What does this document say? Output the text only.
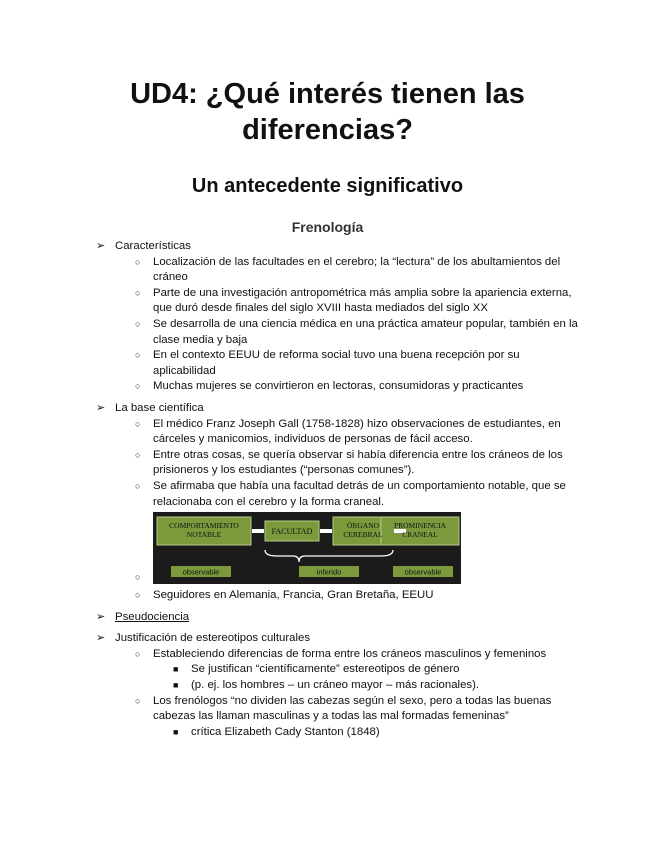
UD4: ¿Qué interés tienen las diferencias?
Un antecedente significativo
Frenología
➢ Características
○ Localización de las facultades en el cerebro; la “lectura” de los abultamientos del cráneo
○ Parte de una investigación antropométrica más amplia sobre la apariencia externa, que duró desde finales del siglo XVIII hasta mediados del siglo XX
○ Se desarrolla de una ciencia médica en una práctica amateur popular, también en la clase media y baja
○ En el contexto EEUU de reforma social tuvo una buena recepción por su aplicabilidad
○ Muchas mujeres se convirtieron en lectoras, consumidoras y practicantes
➢ La base científica
○ El médico Franz Joseph Gall (1758-1828) hizo observaciones de estudiantes, en cárceles y manicomios, individuos de personas de fácil acceso.
○ Entre otras cosas, se quería observar si había diferencia entre los cráneos de los prisioneros y los estudiantes (“personas comunes”).
○ Se afirmaba que había una facultad detrás de un comportamiento notable, que se relacionaba con el cerebro y la forma craneal.
○
COMPORTAMIENTO NOTABLE	FACULTAD
ÓRGANO CEREBRAL
PROMINENCIA CRANEAL
observable	inferido	observable
○ Seguidores en Alemania, Francia, Gran Bretaña, EEUU
➢ Pseudociencia
➢ Justificación de estereotipos culturales
○ Estableciendo diferencias de forma entre los cráneos masculinos y femeninos
■ Se justifican “científicamente” estereotipos de género
■ (p. ej. los hombres – un cráneo mayor – más racionales).
○ Los frenólogos “no dividen las cabezas según el sexo, pero a todas las buenas cabezas las llaman masculinas y a todas las mal formadas femeninas”
■ crítica Elizabeth Cady Stanton (1848)
